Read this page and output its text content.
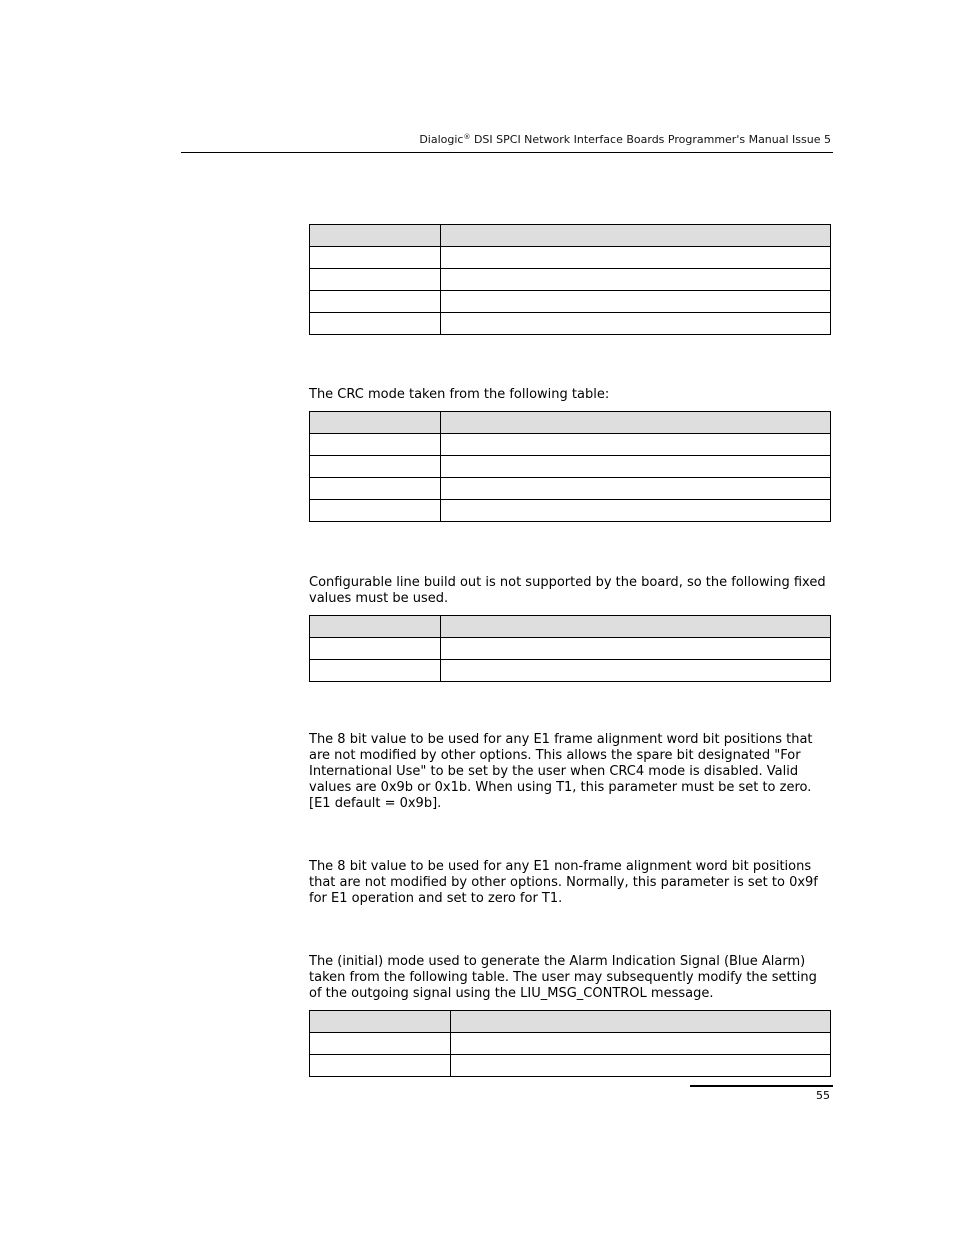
Dialogic® DSI SPCI Network Interface Boards Programmer's Manual Issue 5

The CRC mode taken from the following table:

Configurable line build out is not supported by the board, so the following fixed values must be used.

The 8 bit value to be used for any E1 frame alignment word bit positions that are not modified by other options. This allows the spare bit designated "For International Use" to be set by the user when CRC4 mode is disabled. Valid values are 0x9b or 0x1b. When using T1, this parameter must be set to zero. [E1 default = 0x9b].

The 8 bit value to be used for any E1 non-frame alignment word bit positions that are not modified by other options. Normally, this parameter is set to 0x9f for E1 operation and set to zero for T1.

The (initial) mode used to generate the Alarm Indication Signal (Blue Alarm) taken from the following table. The user may subsequently modify the setting of the outgoing signal using the LIU_MSG_CONTROL message.

55
